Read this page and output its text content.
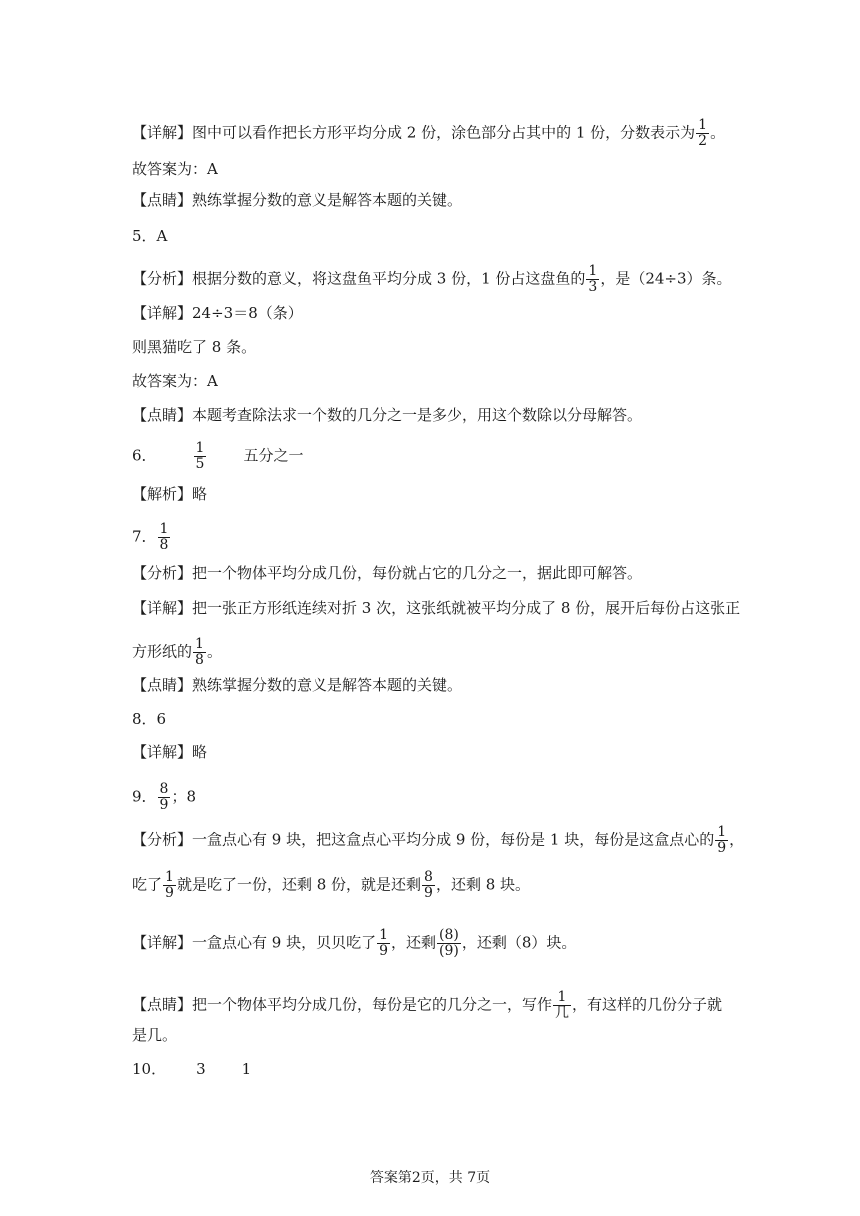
【详解】图中可以看作把长方形平均分成 2 份，涂色部分占其中的 1 份，分数表示为 $\frac{1}{2}$ 。
故答案为：A
【点睛】熟练掌握分数的意义是解答本题的关键。
5．A
【分析】根据分数的意义，将这盘鱼平均分成 3 份，1 份占这盘鱼的 $\frac{1}{3}$ ，是（24÷3）条。
【详解】24÷3＝8（条）
则黑猫吃了 8 条。
故答案为：A
【点睛】本题考查除法求一个数的几分之一是多少，用这个数除以分母解答。
6．	$\frac{1}{5}$ 五分之一
【解析】略
7． $\frac{1}{8}$
【分析】把一个物体平均分成几份，每份就占它的几分之一，据此即可解答。
【详解】把一张正方形纸连续对折 3 次，这张纸就被平均分成了 8 份，展开后每份占这张正
方形纸的 $\frac{1}{8}$ 。
【点睛】熟练掌握分数的意义是解答本题的关键。
8．6
【详解】略
9． $\frac{8}{9}$ ；8
【分析】一盒点心有 9 块，把这盒点心平均分成 9 份，每份是 1 块，每份是这盒点心的 $\frac{1}{9}$ ，
吃了 $\frac{1}{9}$ 就是吃了一份，还剩 8 份，就是还剩 $\frac{8}{9}$ ，还剩 8 块。
【详解】一盒点心有 9 块，贝贝吃了 $\frac{1}{9}$ ，还剩 $\frac{(8)}{(9)}$ ，还剩（8）块。
【点睛】把一个物体平均分成几份，每份是它的几分之一，写作 $\frac{1}{\text{几}}$ ，有这样的几份分子就
是几。
10． 3 1
答案第2页，共 7页
